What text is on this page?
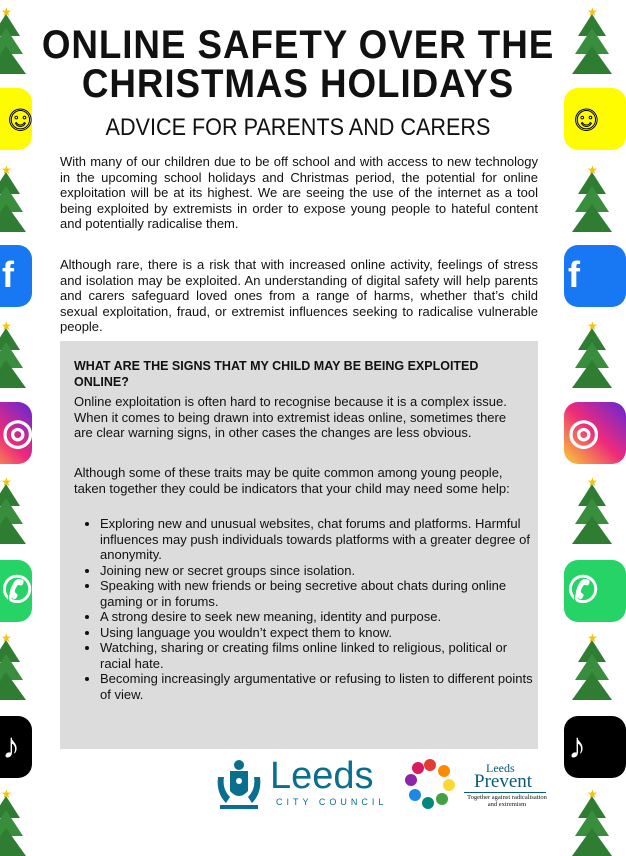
★
☺
★
f
★
◎
★
✆
★
♪
★
★
☺
★
f
★
◎
★
✆
★
♪
★
ONLINE SAFETY OVER THE
CHRISTMAS HOLIDAYS
ADVICE FOR PARENTS AND CARERS
With many of our children due to be off school and with access to new technology in the upcoming school holidays and Christmas period, the potential for online exploitation will be at its highest. We are seeing the use of the internet as a tool being exploited by extremists in order to expose young people to hateful content and potentially radicalise them.
Although rare, there is a risk that with increased online activity, feelings of stress and isolation may be exploited. An understanding of digital safety will help parents and carers safeguard loved ones from a range of harms, whether that’s child sexual exploitation, fraud, or extremist influences seeking to radicalise vulnerable people.
WHAT ARE THE SIGNS THAT MY CHILD MAY BE BEING EXPLOITED ONLINE?
Online exploitation is often hard to recognise because it is a complex issue. When it comes to being drawn into extremist ideas online, sometimes there are clear warning signs, in other cases the changes are less obvious.
Although some of these traits may be quite common among young people, taken together they could be indicators that your child may need some help:
• Exploring new and unusual websites, chat forums and platforms. Harmful influences may push individuals towards platforms with a greater degree of anonymity.
• Joining new or secret groups since isolation.
• Speaking with new friends or being secretive about chats during online gaming or in forums.
• A strong desire to seek new meaning, identity and purpose.
• Using language you wouldn’t expect them to know.
• Watching, sharing or creating films online linked to religious, political or racial hate.
• Becoming increasingly argumentative or refusing to listen to different points of view.
Leeds
CITY COUNCIL
Leeds
Prevent
Together against radicalisation and extremism
